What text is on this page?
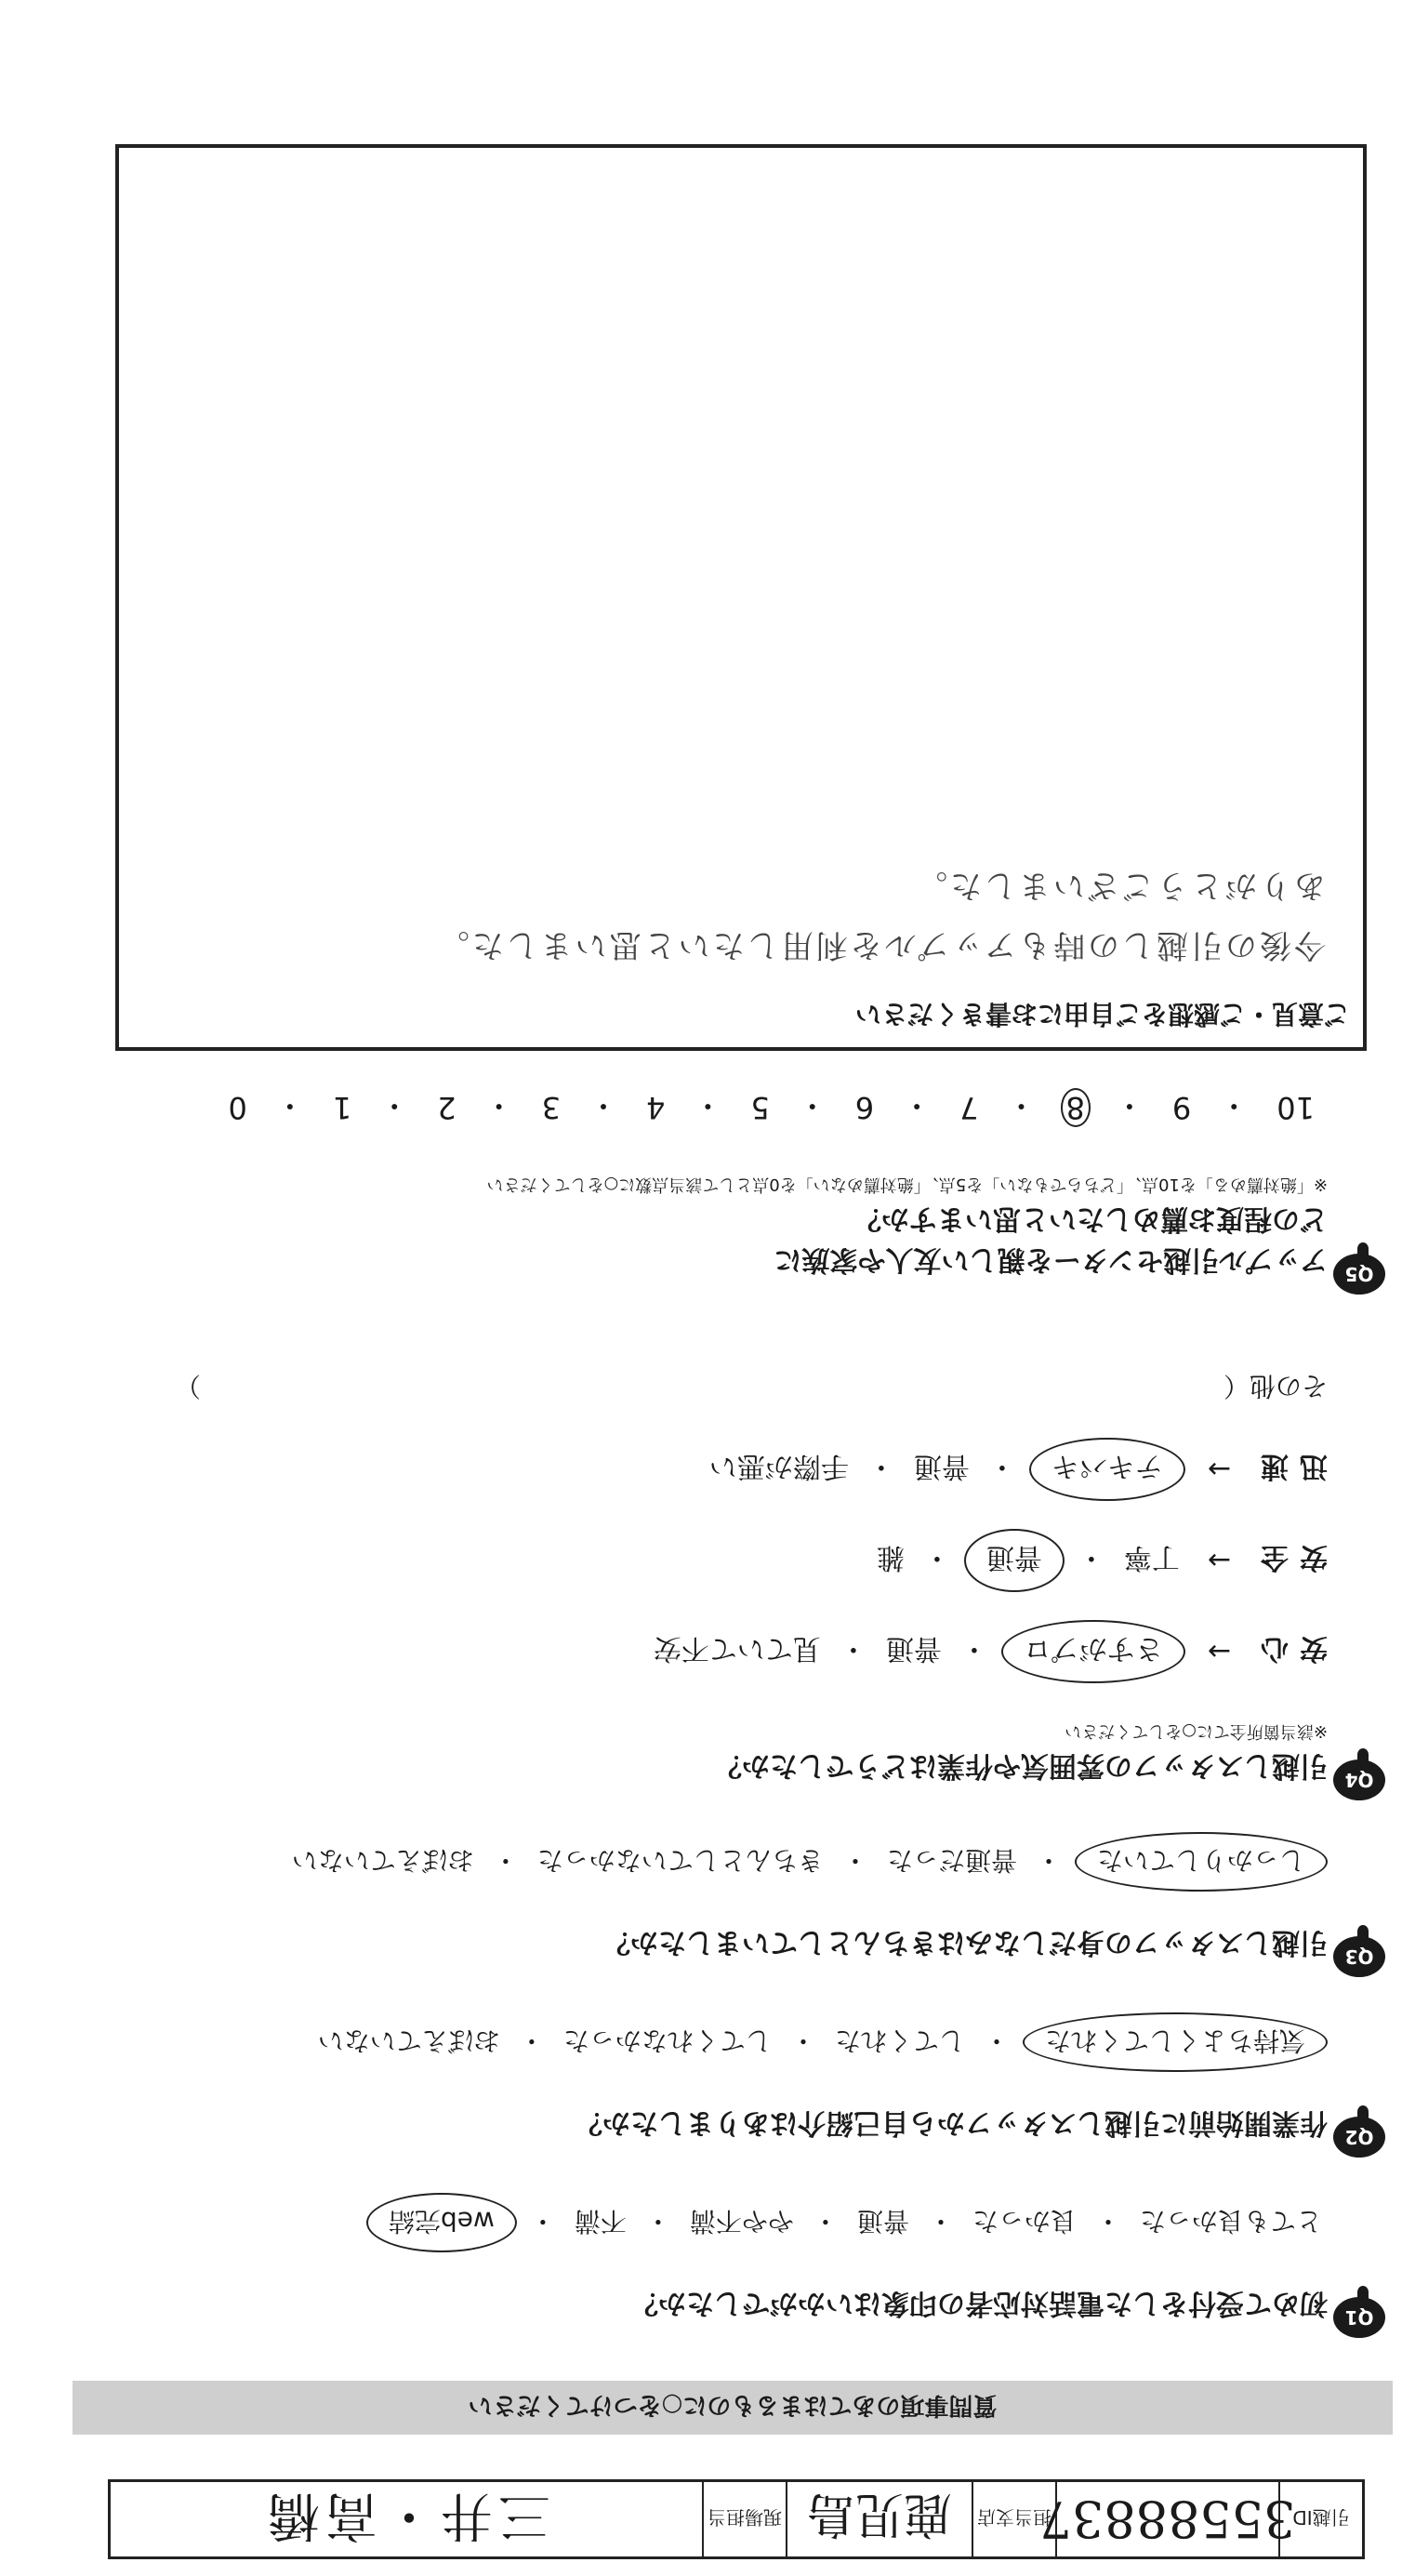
引越ID
35588837
担当支店
鹿児島
現場担当
三井・高橋
質問事項のあてはまるものに○をつけてください
Q1
初めて受付をした電話対応者の印象はいかがでしたか？
とても良かった
・
良かった
・
普通
・
やや不満
・
不満
・
web完結
Q2
作業開始前に引越しスタッフから自己紹介はありましたか？
気持ちよくしてくれた
・
してくれた
・
してくれなかった
・
おぼえていない
Q3
引越しスタッフの身だしなみはきちんとしていましたか？
しっかりしていた
・
普通だった
・
きちんとしていなかった
・
おぼえていない
Q4
引越しスタッフの雰囲気や作業はどうでしたか？
※該当箇所全てに○をしてください
安心
→
さすがプロ
・
普通
・
見ていて不安
安全
→
丁寧
・
普通
・
雑
迅速
→
テキパキ
・
普通
・
手際が悪い
その他（
）
Q5
アップル引越センターを親しい友人や家族に
どの程度お薦めしたいと思いますか？
※「絶対薦める」を10点、「どちらでもない」を5点、「絶対薦めない」を0点として該当点数に○をしてください
10
・
9
・
8
・
7
・
6
・
5
・
4
・
3
・
2
・
1
・
0
ご意見・ご感想をご自由にお書きください
今後の引越しの時もアップルを利用したいと思いました。
ありがとうございました。
